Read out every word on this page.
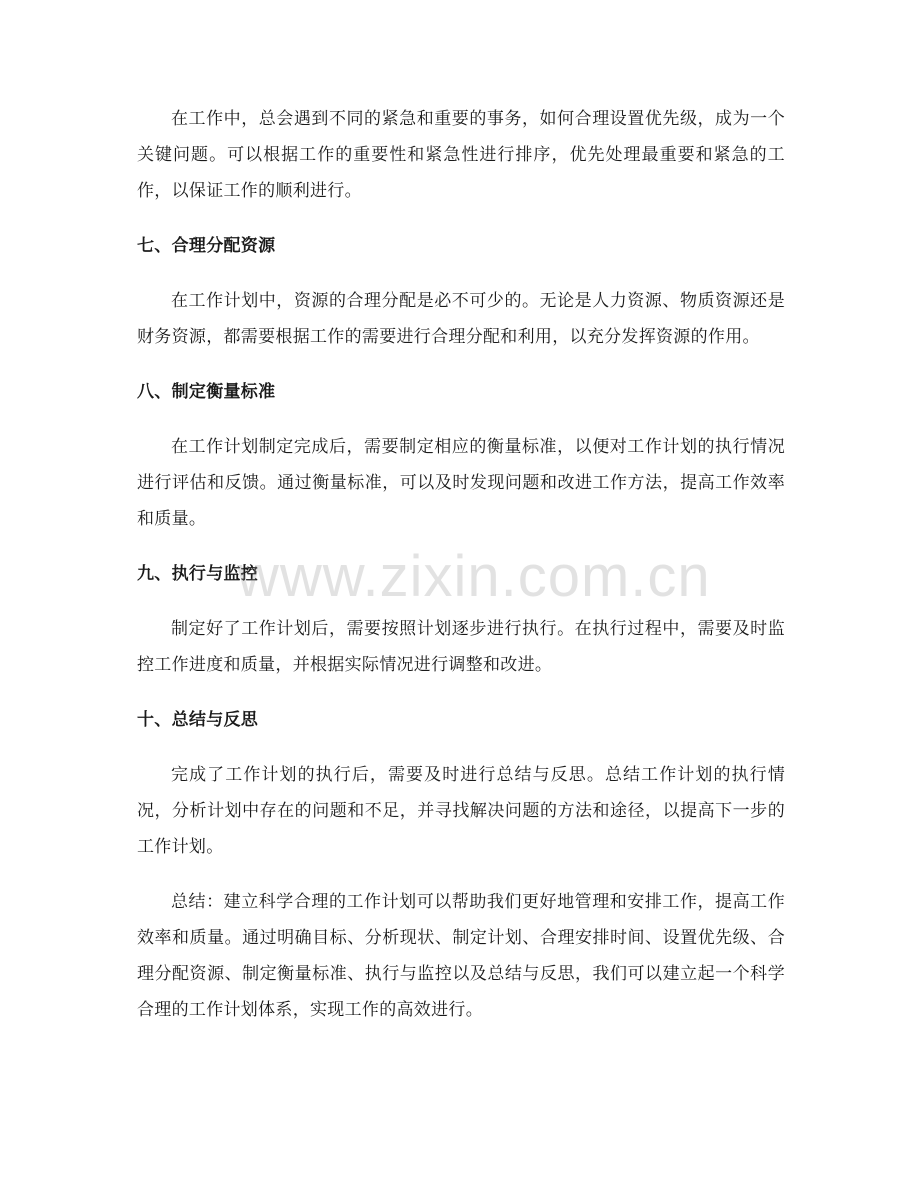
在工作中，总会遇到不同的紧急和重要的事务，如何合理设置优先级，成为一个关键问题。可以根据工作的重要性和紧急性进行排序，优先处理最重要和紧急的工作，以保证工作的顺利进行。

七、合理分配资源

在工作计划中，资源的合理分配是必不可少的。无论是人力资源、物质资源还是财务资源，都需要根据工作的需要进行合理分配和利用，以充分发挥资源的作用。

八、制定衡量标准

在工作计划制定完成后，需要制定相应的衡量标准，以便对工作计划的执行情况进行评估和反馈。通过衡量标准，可以及时发现问题和改进工作方法，提高工作效率和质量。

九、执行与监控

制定好了工作计划后，需要按照计划逐步进行执行。在执行过程中，需要及时监控工作进度和质量，并根据实际情况进行调整和改进。

十、总结与反思

完成了工作计划的执行后，需要及时进行总结与反思。总结工作计划的执行情况，分析计划中存在的问题和不足，并寻找解决问题的方法和途径，以提高下一步的工作计划。

总结：建立科学合理的工作计划可以帮助我们更好地管理和安排工作，提高工作效率和质量。通过明确目标、分析现状、制定计划、合理安排时间、设置优先级、合理分配资源、制定衡量标准、执行与监控以及总结与反思，我们可以建立起一个科学合理的工作计划体系，实现工作的高效进行。

www.zixin.com.cn
